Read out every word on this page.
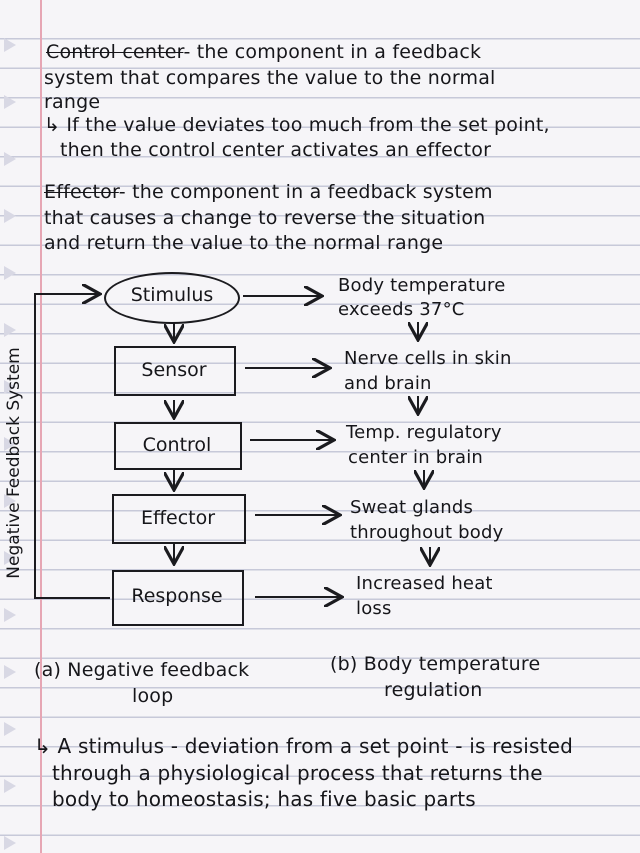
Control center- the component in a feedback
system that compares the value to the normal
range
↳ If the value deviates too much from the set point,
then the control center activates an effector
Effector- the component in a feedback system
that causes a change to reverse the situation
and return the value to the normal range
Negative Feedback System
Stimulus
Sensor
Control
Effector
Response
Body temperature
exceeds 37°C
Nerve cells in skin
and brain
Temp. regulatory
center in brain
Sweat glands
throughout body
Increased heat
loss
(a) Negative feedback
loop
(b) Body temperature
regulation
↳ A stimulus - deviation from a set point - is resisted
through a physiological process that returns the
body to homeostasis; has five basic parts
